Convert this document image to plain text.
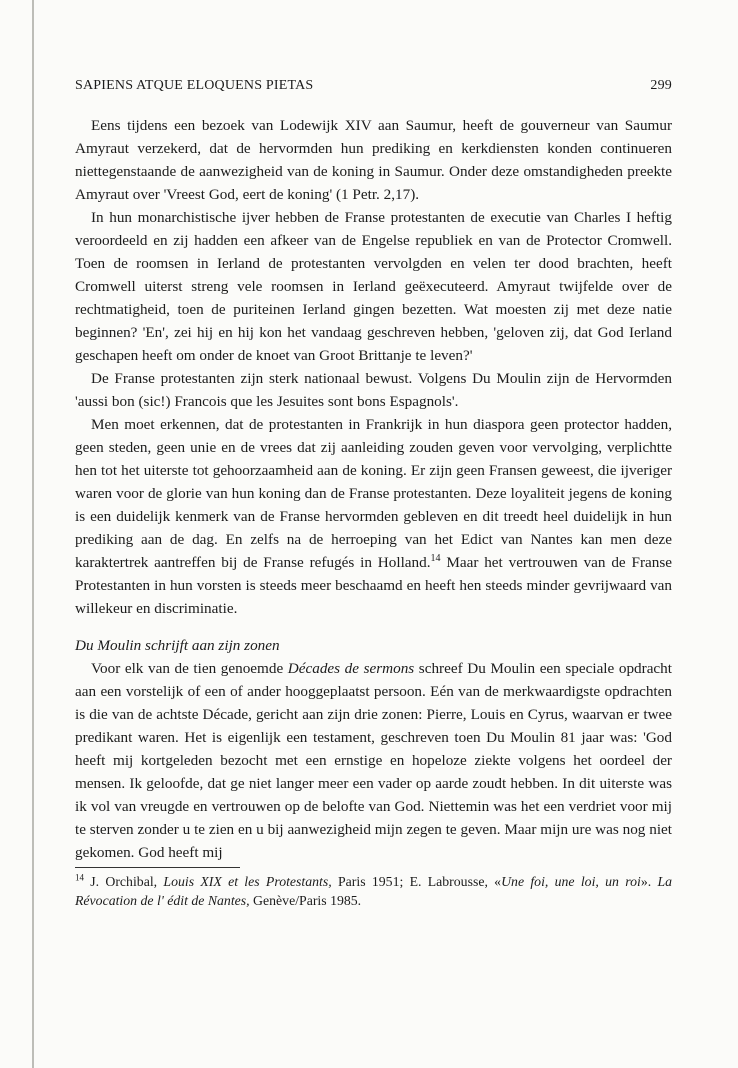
SAPIENS ATQUE ELOQUENS PIETAS	299

Eens tijdens een bezoek van Lodewijk XIV aan Saumur, heeft de gouverneur van Saumur Amyraut verzekerd, dat de hervormden hun prediking en kerkdiensten konden continueren niettegenstaande de aanwezigheid van de koning in Saumur. Onder deze omstandigheden preekte Amyraut over 'Vreest God, eert de koning' (1 Petr. 2,17).

In hun monarchistische ijver hebben de Franse protestanten de executie van Charles I heftig veroordeeld en zij hadden een afkeer van de Engelse republiek en van de Protector Cromwell. Toen de roomsen in Ierland de protestanten vervolgden en velen ter dood brachten, heeft Cromwell uiterst streng vele roomsen in Ierland geëxecuteerd. Amyraut twijfelde over de rechtmatigheid, toen de puriteinen Ierland gingen bezetten. Wat moesten zij met deze natie beginnen? 'En', zei hij en hij kon het vandaag geschreven hebben, 'geloven zij, dat God Ierland geschapen heeft om onder de knoet van Groot Brittanje te leven?'

De Franse protestanten zijn sterk nationaal bewust. Volgens Du Moulin zijn de Hervormden 'aussi bon (sic!) Francois que les Jesuites sont bons Espagnols'.

Men moet erkennen, dat de protestanten in Frankrijk in hun diaspora geen protector hadden, geen steden, geen unie en de vrees dat zij aanleiding zouden geven voor vervolging, verplichtte hen tot het uiterste tot gehoorzaamheid aan de koning. Er zijn geen Fransen geweest, die ijveriger waren voor de glorie van hun koning dan de Franse protestanten. Deze loyaliteit jegens de koning is een duidelijk kenmerk van de Franse hervormden gebleven en dit treedt heel duidelijk in hun prediking aan de dag. En zelfs na de herroeping van het Edict van Nantes kan men deze karaktertrek aantreffen bij de Franse refugés in Holland.$^{14}$ Maar het vertrouwen van de Franse Protestanten in hun vorsten is steeds meer beschaamd en heeft hen steeds minder gevrijwaard van willekeur en discriminatie.

Du Moulin schrijft aan zijn zonen

Voor elk van de tien genoemde Décades de sermons schreef Du Moulin een speciale opdracht aan een vorstelijk of een of ander hooggeplaatst persoon. Eén van de merkwaardigste opdrachten is die van de achtste Décade, gericht aan zijn drie zonen: Pierre, Louis en Cyrus, waarvan er twee predikant waren. Het is eigenlijk een testament, geschreven toen Du Moulin 81 jaar was: 'God heeft mij kortgeleden bezocht met een ernstige en hopeloze ziekte volgens het oordeel der mensen. Ik geloofde, dat ge niet langer meer een vader op aarde zoudt hebben. In dit uiterste was ik vol van vreugde en vertrouwen op de belofte van God. Niettemin was het een verdriet voor mij te sterven zonder u te zien en u bij aanwezigheid mijn zegen te geven. Maar mijn ure was nog niet gekomen. God heeft mij

$^{14}$ J. Orchibal, Louis XIX et les Protestants, Paris 1951; E. Labrousse, «Une foi, une loi, un roi». La Révocation de l' édit de Nantes, Genève/Paris 1985.
